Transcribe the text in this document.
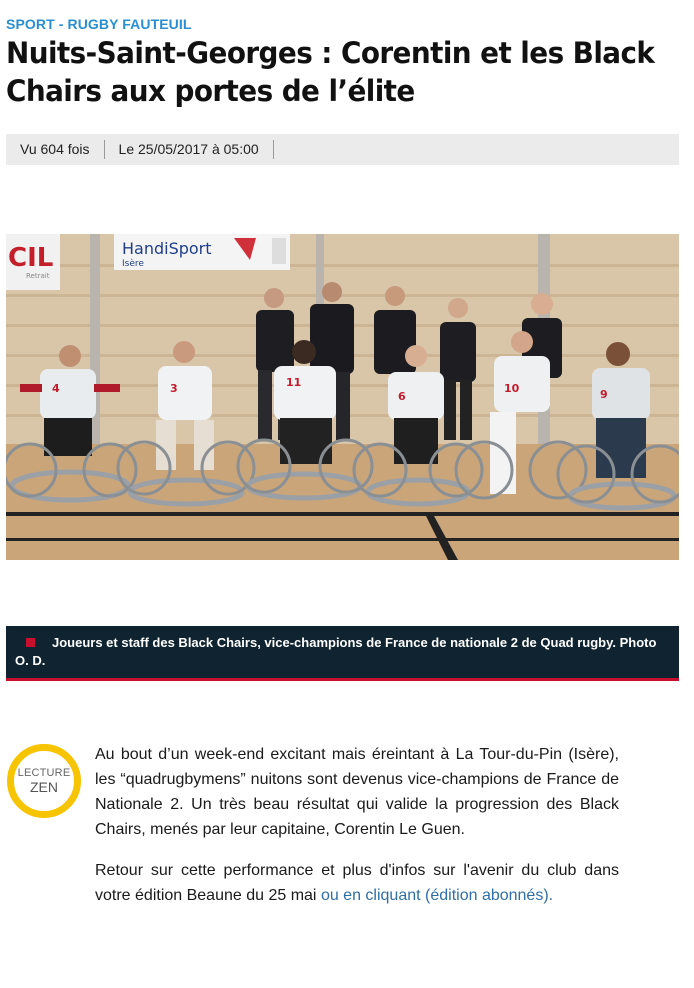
SPORT - RUGBY FAUTEUIL
Nuits-Saint-Georges : Corentin et les Black Chairs aux portes de l’élite
Vu 604 fois	Le 25/05/2017 à 05:00
CIL
Retrait
HandiSport
Isère
4	3	11
6
10	9
Joueurs et staff des Black Chairs, vice-champions de France de nationale 2 de Quad rugby. Photo O. D.
LECTURE
ZEN

Au bout d’un week-end excitant mais éreintant à La Tour-du-Pin (Isère), les “quadrugbymens” nuitons sont devenus vice-champions de France de Nationale 2. Un très beau résultat qui valide la progression des Black Chairs, menés par leur capitaine, Corentin Le Guen.

Retour sur cette performance et plus d'infos sur l'avenir du club dans votre édition Beaune du 25 mai ou en cliquant (édition abonnés).
